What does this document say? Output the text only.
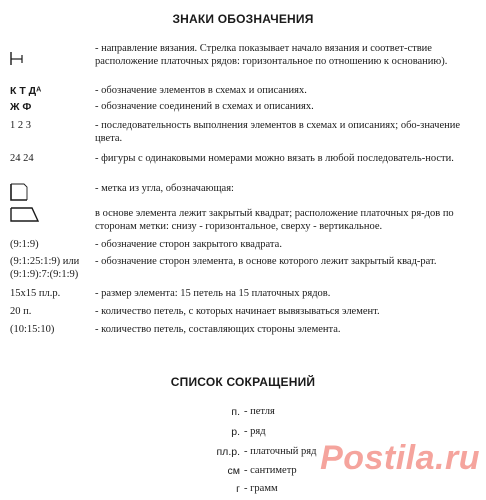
ЗНАКИ ОБОЗНАЧЕНИЯ
- направление вязания. Стрелка показывает начало вязания и соответ-ствие расположение платочных рядов: горизонтальное по отношению к основанию).
К Т Дᴬ	- обозначение элементов в схемах и описаниях.
Ж Ф	- обозначение соединений в схемах и описаниях.
1 2 3	- последовательность выполнения элементов в схемах и описаниях; обо-значение цвета.
24 24	- фигуры с одинаковыми номерами можно вязать в любой последователь-ности.
- метка из угла, обозначающая:
в основе элемента лежит закрытый квадрат; расположение платочных ря-дов по сторонам метки: снизу - горизонтальное, сверху - вертикальное.
(9:1:9)	- обозначение сторон закрытого квадрата.
(9:1:25:1:9) или
(9:1:9):7:(9:1:9)
- обозначение сторон элемента, в основе которого лежит закрытый квад-рат.
15x15 пл.р.	- размер элемента: 15 петель на 15 платочных рядов.
20 п.	- количество петель, с которых начинает вывязываться элемент.
(10:15:10)	- количество петель, составляющих стороны элемента.
СПИСОК СОКРАЩЕНИЙ
п. - петля
р. - ряд
пл.р. - платочный ряд
см - сантиметр
г - грамм
Postila.ru
